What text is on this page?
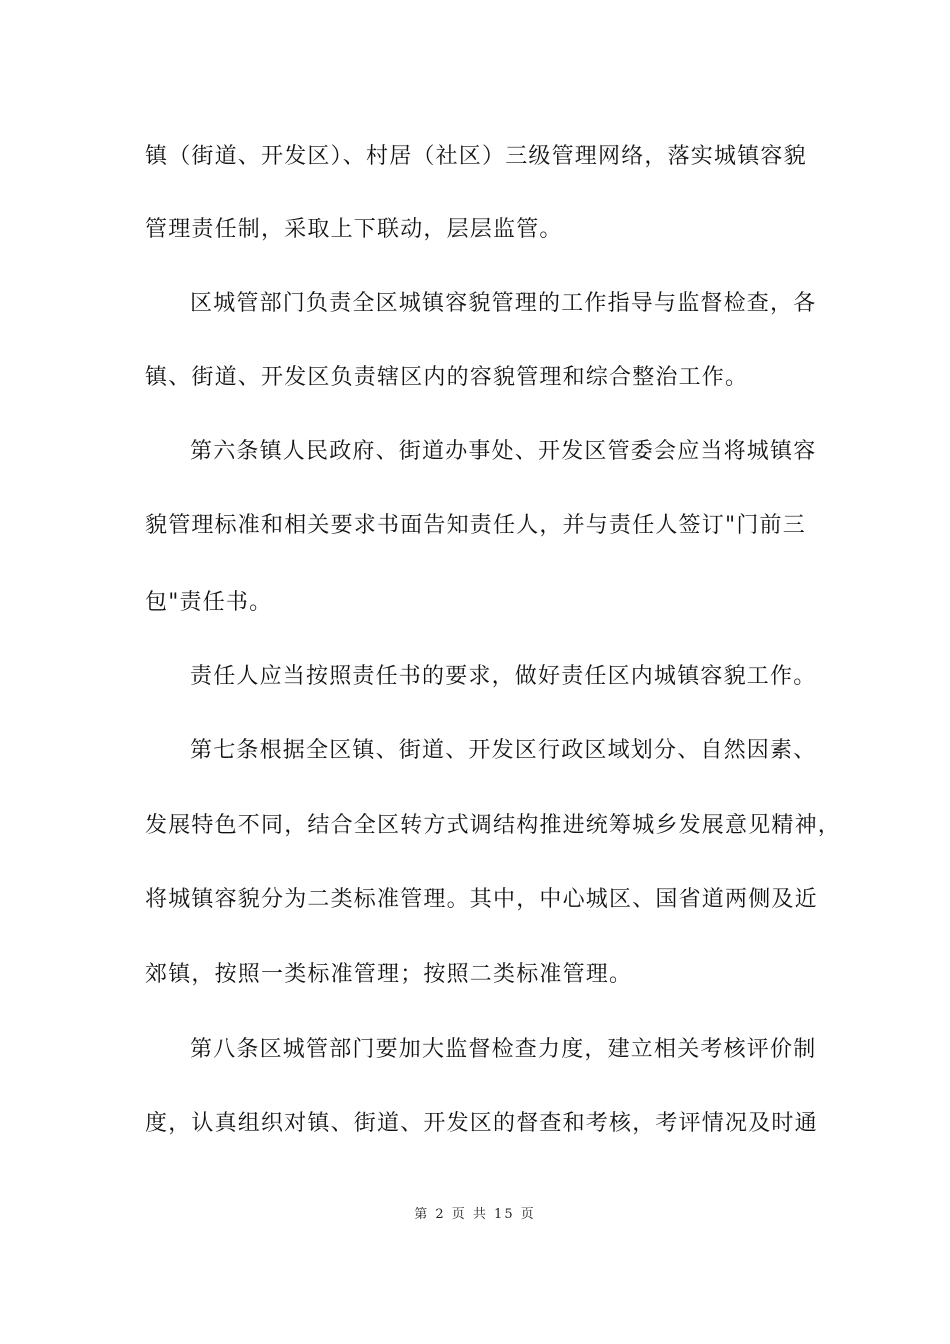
镇（街道、开发区）、村居（社区）三级管理网络，落实城镇容貌
管理责任制，采取上下联动，层层监管。
区城管部门负责全区城镇容貌管理的工作指导与监督检查，各
镇、街道、开发区负责辖区内的容貌管理和综合整治工作。
第六条镇人民政府、街道办事处、开发区管委会应当将城镇容
貌管理标准和相关要求书面告知责任人，并与责任人签订"门前三
包"责任书。
责任人应当按照责任书的要求，做好责任区内城镇容貌工作。
第七条根据全区镇、街道、开发区行政区域划分、自然因素、
发展特色不同，结合全区转方式调结构推进统筹城乡发展意见精神，
将城镇容貌分为二类标准管理。其中，中心城区、国省道两侧及近
郊镇，按照一类标准管理；按照二类标准管理。
第八条区城管部门要加大监督检查力度，建立相关考核评价制
度，认真组织对镇、街道、开发区的督查和考核，考评情况及时通
第 2 页 共 15 页
